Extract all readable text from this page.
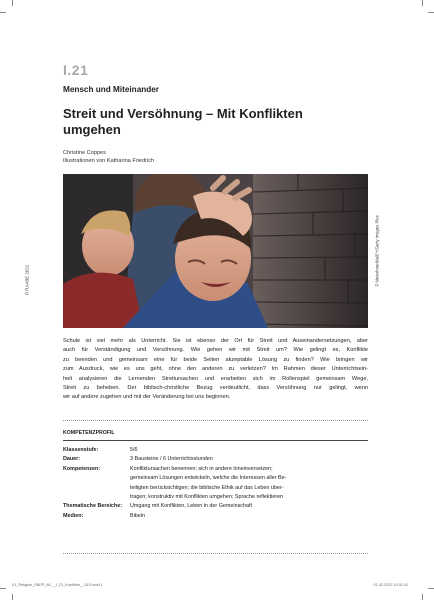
I.21
Mensch und Miteinander
Streit und Versöhnung – Mit Konflikten
umgehen
Christine Coppes
Illustrationen von Katharina Friedrich
© Meterhoenkla/E+/Getty Images Plus
© RAABE 2022
Schule ist viel mehr als Unterricht. Sie ist ebenso der Ort für Streit und Auseinandersetzungen, aber
auch für Verständigung und Versöhnung. Wie gehen wir mit Streit um? Wie gelingt es, Konflikte
zu beenden und gemeinsam eine für beide Seiten akzeptable Lösung zu finden? Wie bringen wir
zum Ausdruck, wie es uns geht, ohne den anderen zu verletzen? Im Rahmen dieser Unterrichtsein-
heit analysieren die Lernenden Streitursachen und erarbeiten sich im Rollenspiel gemeinsam Wege,
Streit zu beheben. Der biblisch-christliche Bezug verdeutlicht, dass Versöhnung nur gelingt, wenn
wir auf andere zugehen und mit der Veränderung bei uns beginnen.
KOMPETENZPROFIL
Klassenstufe:	5/6
Dauer:	3 Bausteine / 6 Unterrichtsstunden
Kompetenzen:	Konfliktursachen benennen; sich in andere hineinversetzen;
gemeinsam Lösungen entwickeln, welche die Interessen aller Be-
teiligten berücksichtigen; die biblische Ethik auf das Leben über-
tragen; konstruktiv mit Konflikten umgehen; Sprache reflektieren
Thematische Bereiche:	Umgang mit Konflikten, Leben in der Gemeinschaft
Medien:	Bibeln
01_Religion_SBEP_84_ _I_21_Konflikte__SLS.indd 1	01.02.2022 10:31:11
